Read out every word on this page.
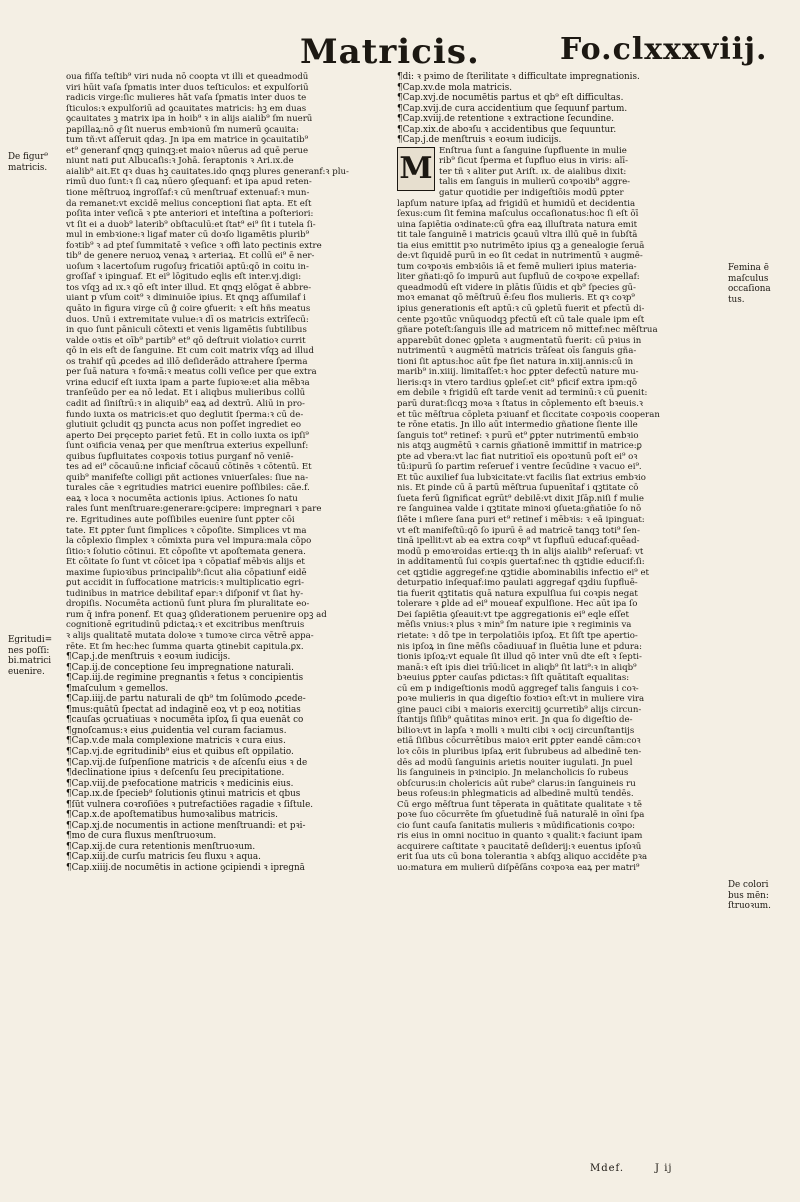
Matricis.	Fo.clxxxviij.
oua fiſſa teſtib⁹ viri nuda nō coopta vt illi et queadmodū
viri hūit vaſa ſpmatis inter duos teſticulos: et expulſoriū
radicis virge:ſic mulieres hāt vaſa ſpmatis inter duos te
ſticulos:ꝛ expulſoriū ad ꝯcauitates matricis: hꝫ em duas
ꝯcauitates ꝫ matrix ipa in hoib⁹ ꝛ in alijs aialib⁹ ſm nuerū
papillaꝝ:nō qͦ ſit nuerus embꝛionū ſm numerū ꝯcauita:
tum tñ:vt aſſeruit qdaȝ. Jn ipa em matrice in ꝯcauitatib⁹
et⁹ generanf qnqꝫ quinqꝫ:et maioꝛ nūerus ad quē perue
niunt nati ꝑut Albucaſis:ꝛ Johā. ſeraptonis ꝛ Ari.ıx.de
aialib⁹ ait.Et qꝛ duas hꝫ cauitates.ido qnqꝫ plures generanf:ꝛ plu-
rimū duo ſunt:ꝛ ſi caꝝ nūero ꝯſequanf: et ipa apud reten-
tione mēſtruoꝝ ingroſſaf:ꝛ cū menſtruaf extenuaf:ꝛ mun-
da remanet:vt excidē melius conceptioni ſiat apta. Et eſt
poſita inter veſicā ꝛ pte anteriori et inteſtina a poſteriori:
vt ſit ei a duob⁹ laterib⁹ obſtaculū:et ſtat⁹ ei⁹ ſit i tutela ſi-
mul in embꝛione:ꝛ ligaf mater cū doꝛſo ligamētis plurib⁹
foꝛtib⁹ ꝛ ad pteſ ſummitatē ꝛ veſice ꝛ offi lato pectinis extre
tib⁹ de genere neruoꝝ venaꝝ ꝛ arteriaꝝ. Et collū ei⁹ ē ner-
uoſum ꝛ lacertoſum rugoſuȝ fricatiōi aptū:qō in coitu in-
groſſaf ꝛ ipinguaf. Et ei⁹ lōgitudo eqlis eſt inter.vj.digi:
tos vſqꝫ ad ıx.ꝛ qō eſt inter illud. Et qnqꝫ elōgat ē abbre-
uiant p vſum coit⁹ ꝛ diminuiōe ipius. Et qnqꝫ aſſumilaf i
quāto in figura virge cū ĝ coire ꝯfuerit: ꝛ eſt hñs meatus
duos. Unū i extremitate vulue:ꝛ dī os matricis extrīſecū:
in quo ſunt pāniculi cōtexti et venis ligamētis ſubtilibus
valde oꝛtis et oīb⁹ partib⁹ et⁹ qō deſtruit violatioꝛ currit
qō in eis eſt de ſanguine. Et cum coit matrix vſqꝫ ad illud
os trahif qū ꝓcedes ad illō deſiderādo attrahere ſperma
per ſuā natura ꝛ foꝛmā:ꝛ meatus colli veſice per que extra
vrina educif eſt iuxta ipam a parte ſupioꝛe:et alia mēbꝛa
tranſeūdo per ea nō ledat. Et i aliqbus mulieribus collū
cadit ad ſiniſtrū:ꝛ in aliquib⁹ eaꝝ ad dextrū. Aliū in pro-
fundo iuxta os matricis:et quo deglutit ſperma:ꝛ cū de-
glutiuit ꝯcludit qꝫ puncta acus non poſſet ingrediet eo
aperto Dei pręcepto pariet fetū. Et in collo iuxta os ipſi⁹
ſunt oꝛificia venaꝝ per que menſtrua exterius expellunf:
quibus ſuꝑfluitates coꝛpoꝛis totius purganf nō veniē-
tes ad ei⁹ cōcauū:ne inficiaf cōcauū cōtinēs ꝛ cōtentū. Et
quib⁹ manifeſte colligi pñt actiones vniuerſales: ſiue na-
turales cāe ꝛ egritudies matrici euenire poſſibiles: cāe.f.
eaꝝ ꝛ loca ꝛ nocumēta actionis ipius. Actiones ſo natu
rales ſunt menſtruare:generare:ꝯcipere: impregnari ꝛ pare
re. Egritudines aute poſſibiles euenire ſunt ꝑpter cōi
tate. Et ꝑpter ſunt ſimplices ꝛ cōpoſite. Simplices vt ma
la cōplexio ſimplex ꝛ cōmixta pura vel impura:mala cōpo
ſitio:ꝛ ſolutio cōtinui. Et cōpoſite vt apoſtemata genera.
Et cōitate ſo ſunt vt cōicet ipa ꝛ cōpatiaf mēbꝛis alijs et
maxime ſupioꝛibus principalib⁹:ſicut alia cōpatiunf eidē
ꝑut accidit in ſuffocatione matricis:ꝛ multiplicatio egri-
tudinibus in matrice debilitaf epar:ꝛ diſponif vt ſiat hy-
dropiſis. Nocumēta actionū ſunt plura ſm pluralitate eo-
rum q̄ infra ponenf. Et quaꝫ ꝯſiderationem peruenire opꝫ ad
cognitionē egritudinū pdictaꝝ:ꝛ et excitribus menſtruis
ꝛ alijs qualitatē mutata doloꝛe ꝛ tumoꝛe circa vētrē appa-
rēte. Et ſm hec:hec ſumma quarta ꝯtinebit capitula.ꝑx.
¶Cap.j.de menſtruis ꝛ eoꝛum iudicijs.
¶Cap.ij.de conceptione ſeu impregnatione naturali.
¶Cap.iij.de regimine pregnantis ꝛ fetus ꝛ concipientis
¶maſculum ꝛ gemellos.
¶Cap.iiij.de partu naturali de qb⁹ tm ſolūmodo ꝓcede-
¶mus:quātū ſpectat ad indaginē eoꝝ vt p eoꝝ notitias
¶cauſas ꝯcruatiuas ꝛ nocumēta ipſoꝝ ſi qua euenāt co
¶gnoſcamus:ꝛ eius ꝓuidentia vel curam faciamus.
¶Cap.v.de mala complexione matricis ꝛ cura eius.
¶Cap.vj.de egritudinib⁹ eius et quibus eſt oppilatio.
¶Cap.vij.de ſuſpenſione matricis ꝛ de aſcenſu eius ꝛ de
¶declinatione ipius ꝛ deſcenſu ſeu precipitatione.
¶Cap.viij.de pꝛefocatione matricis ꝛ medicinis eius.
¶Cap.ıx.de ſpecieb⁹ ſolutionis ꝯtinui matricis et qbus
¶ſūt vulnera coꝛroſiões ꝛ putrefactiões ragadie ꝛ ſiſtule.
¶Cap.x.de apoſtematibus humoꝛalibus matricis.
¶Cap.xj.de nocumentis in actione menſtruandi: et pꝛi-
¶mo de cura fluxus menſtruoꝛum.
¶Cap.xij.de cura retentionis menſtruoꝛum.
¶Cap.xiij.de curſu matricis ſeu fluxu ꝛ aqua.
¶Cap.xiiij.de nocumētis in actione ꝯcipiendi ꝛ ipregnā
¶di: ꝛ pꝛimo de ſterilitate ꝛ difficultate impregnationis.
¶Cap.xv.de mola matricis.
¶Cap.xvj.de nocumētis partus et qb⁹ eſt difficultas.
¶Cap.xvij.de cura accidentium que ſequunf partum.
¶Cap.xviij.de retentione ꝛ extractione ſecundine.
¶Cap.xix.de aboꝛſu ꝛ accidentibus que ſequuntur.
¶Cap.j.de menſtruis ꝛ eoꝛum iudicijs.
M Enſtrua ſunt a ſanguine ſupfluente in mulie
rib⁹ ſicut ſperma et ſupfluo eius in viris: alī-
ter tñ ꝛ aliter ꝑut Ariſt. ıx. de aialibus dixit:
talis em ſanguis in mulierū coꝛpoꝛib⁹ aggre-
gatur quotidie per indigeſtiōis modū ꝑpter
lapſum nature ipſaꝝ ad frigidū et humidū et decidentia
ſexus:cum ſit femina maſculus occaſionatus:hoc ſi eſt ōī
uina ſapiētia oꝛdinate:cū ꝯfra eaꝝ illuſtrata natura emit
tit tale ſanguinē i matricis ꝯcauū vltra illū quē in ſubſtā
tia eius emittit pꝛo nutrimēto ipius qꝫ a genealogie ſeruā
de:vt ſiquidē purū in eo ſit cedat in nutrimentū ꝛ augmē-
tum coꝛpoꝛis embꝛiōis iā et femē mulieri ipius materia-
liter gñati:qō ſo impurū aut ſupfluū de coꝛpoꝛe expellaf:
queadmodū eſt videre in plātis ſūidis et qb⁹ ſpecies gū-
moꝛ emanat qō mēſtruū ē:ſeu flos mulieris. Et qꝛ coꝛp⁹
ipius generationis eſt aptū:ꝛ cū ꝯpletū fuerit et pfectū di-
cente pꝫoꝛtūc vnūquodqꝫ pfectū eſt cū tale quale ipm eſt
gñare poteſt:ſanguis ille ad matricem nō mittef:nec mēſtrua
apparebūt donec ꝯpleta ꝛ augmentatū fuerit: cū pꝛius in
nutrimentū ꝛ augmētū matricis trāſeat oīs ſanguis gña-
tioni ſit aptus:hoc aūt fpe ſiet natura in.xiij.annis:cū in
marib⁹ in.xiiij. limitaſſet:ꝛ hoc ꝑpter defectū nature mu-
lieris:qꝛ in vtero tardius ꝯpleſ:et cit⁹ pficif extra ipm:qō
em debile ꝛ frigidū eſt tarde venit ad terminū:ꝛ cū ꝑuenit:
parū durat:ſicqꝫ moꝛa ꝛ ſtatus in cōplemento eſt bꝛeuis.ꝛ
et tūc mēſtrua cōpleta pꝛiuanf et ſiccitate coꝛpoꝛis cooperan
te rōne etatis. Jn illo aūt intermedio gñatione ſiente ille
ſanguis tot⁹ retinef: ꝛ purū et⁹ ꝑpter nutrimentū embꝛio
nis atqꝫ augmētū ꝛ carnis gñationē immittif in matrice:ꝑ
pte ad vbera:vt lac fiat nutritioī eis opoꝛtunū poſt ei⁹ oꝛ
tū:ipurū ſo partim reſeruef i ventre ſecūdine ꝛ vacuo ei⁹.
Et tūc auxilief ſua lubꝛicitate:vt facilis ſiat extrius embꝛio
nis. Et ꝑinde cū ā partū mēſtrua ſupuenītaf i qꝫtitate cō
ſueta ferū ſignificat egrūt⁹ debilē:vt dixit Jſāp.niſi f mulie
re ſanguinea valde i qꝫtitate minoꝛi ꝯſueta:gñatiōe ſo nō
ſiēte i mſiere ſana puri et⁹ retinef i mēbꝛis: ꝛ eā ipinguat:
vt eſt manifeſtū:qō ſo ipurū ē ad matricē tanqꝫ toti⁹ ſen-
tinā ipellit:vt ab ea extra coꝛp⁹ vt ſupfluū educaf:quēad-
modū p emoꝛroidas ertie:qꝫ th in alijs aialib⁹ reſeruaf: vt
in additamentū ſui coꝛpis ꝯuertaf:nec th qꝫtidie educif:ſi:
cet qꝫtidie aggregef:ne qꝫtidie abominabilis infectio ei⁹ et
deturpatio inſequaf:imo paulati aggregaf qꝫdiu ſupfluē-
tia fuerit qꝫtitatis quā natura expulſiua ſui coꝛpis negat
tolerare ꝛ ꝑlde ad ei⁹ moueaf expulſione. Hec aūt ipa ſo
Dei ſapiētia ꝯſeauit:vt tpe aggregationis ei⁹ eqle eſſet
mēſis vnius:ꝛ plus ꝛ min⁹ ſm nature ipie ꝛ regiminis va
rietate: ꝛ dō tpe in terpolatiōis ipſoꝝ. Et ſiſt tpe apertio-
nis ipſoꝝ in ſine mēſis cōadiuuaf in ſluētia lune et pdura:
tionis ipſoꝝ:vt equale ſit illud qō inter vnū dte eſt ꝛ ſepti-
manā:ꝛ eſt ipis diei trīū:licet in aliqb⁹ ſit lati⁹:ꝛ in aliqb⁹
bꝛeuius ꝑpter cauſas pdictas:ꝛ ſiſt quātitaſt equalitas:
cū em p indigeſtionis modū aggregef talis ſanguis i coꝛ-
poꝛe mulieris in qua digeſtio foꝛtioꝛ eſt:vt in muliere vira
gine pauci cibi ꝛ maioris exercitij ꝯcurretib⁹ alijs circun-
ſtantijs ſiſib⁹ quātitas minoꝛ erit. Jn qua ſo digeſtio de-
bilioꝛ:vt in lapſa ꝛ molli ꝛ multi cibi ꝛ ocij circunſtantijs
etiā ſiſibus cōcurrētibus maioꝛ erit ꝑpter eandē cām:coꝛ
loꝛ cōis in pluribus ipſaꝝ erit ſubrubeus ad albedinē ten-
dēs ad modū ſanguinis arietis nouiter iugulati. Jn puel
lis ſanguineis in pꝛincipio. Jn melancholicis ſo rubeus
obſcurus:in cholericis aūt rube⁹ clarus:in ſanguineis ru
beus roſeus:in phlegmaticis ad albedinē multū tendēs.
Cū ergo mēſtrua ſunt tēperata in quātitate qualitate ꝛ tē
poꝛe ſuo cōcurrēte ſm ꝯſuetudinē ſuā naturalē in oīni ſpa
cio ſunt cauſa ſanitatis mulieris ꝛ mūdificationis coꝛpo:
ris eius in omni nocituo in quanto ꝛ qualit:ꝛ faciunt ipam
acquirere caſtitate ꝛ paucitatē deſiderij:ꝛ euentus ipſoꝛū
erit ſua uts cū bona tolerantia ꝛ abſqꝫ aliquo accidēte pꝛa
uo:matura em mulierū diſpēſāns coꝛpoꝛa eaꝝ per matri⁹
De figur⁹
matricis.
Egritudi=
nes poſſi:
bi.matrici
euenire.
Femina ē
maſculus
occaſiona
tus.
De colori
bus mēn:
ſtruoꝛum.
Mdef.	J ij
